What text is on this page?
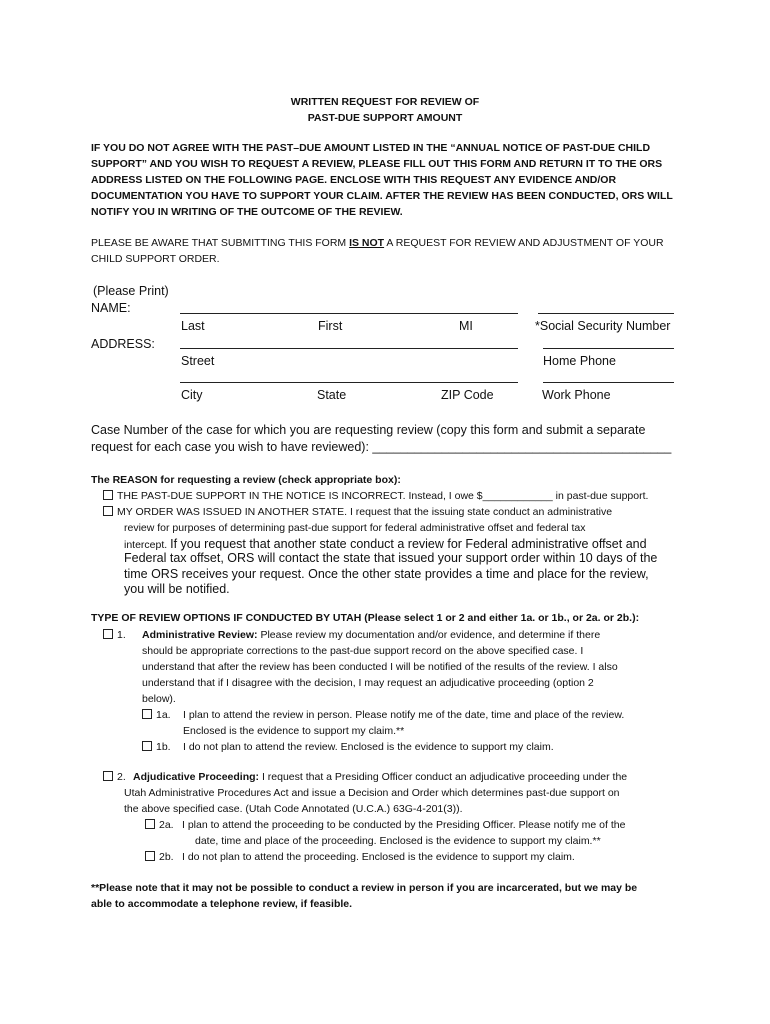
WRITTEN REQUEST FOR REVIEW OF
PAST-DUE SUPPORT AMOUNT
IF YOU DO NOT AGREE WITH THE PAST–DUE AMOUNT LISTED IN THE “ANNUAL NOTICE OF PAST-DUE CHILD
SUPPORT” AND YOU WISH TO REQUEST A REVIEW, PLEASE FILL OUT THIS FORM AND RETURN IT TO THE ORS
ADDRESS LISTED ON THE FOLLOWING PAGE. ENCLOSE WITH THIS REQUEST ANY EVIDENCE AND/OR
DOCUMENTATION YOU HAVE TO SUPPORT YOUR CLAIM. AFTER THE REVIEW HAS BEEN CONDUCTED, ORS WILL
NOTIFY YOU IN WRITING OF THE OUTCOME OF THE REVIEW.
PLEASE BE AWARE THAT SUBMITTING THIS FORM IS NOT A REQUEST FOR REVIEW AND ADJUSTMENT OF YOUR
CHILD SUPPORT ORDER.
(Please Print)
NAME:
Last	First	MI	*Social Security Number
ADDRESS:
Street	Home Phone
City	State	ZIP Code	Work Phone
Case Number of the case for which you are requesting review (copy this form and submit a separate
request for each case you wish to have reviewed): ___________________________________________
The REASON for requesting a review (check appropriate box):
THE PAST-DUE SUPPORT IN THE NOTICE IS INCORRECT. Instead, I owe $____________ in past-due support.
MY ORDER WAS ISSUED IN ANOTHER STATE. I request that the issuing state conduct an administrative
review for purposes of determining past-due support for federal administrative offset and federal tax
intercept. If you request that another state conduct a review for Federal administrative offset and
Federal tax offset, ORS will contact the state that issued your support order within 10 days of the
time ORS receives your request. Once the other state provides a time and place for the review,
you will be notified.
TYPE OF REVIEW OPTIONS IF CONDUCTED BY UTAH (Please select 1 or 2 and either 1a. or 1b., or 2a. or 2b.):
1. Administrative Review: Please review my documentation and/or evidence, and determine if there
should be appropriate corrections to the past-due support record on the above specified case. I
understand that after the review has been conducted I will be notified of the results of the review. I also
understand that if I disagree with the decision, I may request an adjudicative proceeding (option 2
below).
1a. I plan to attend the review in person. Please notify me of the date, time and place of the review.
Enclosed is the evidence to support my claim.**
1b. I do not plan to attend the review. Enclosed is the evidence to support my claim.
2. Adjudicative Proceeding: I request that a Presiding Officer conduct an adjudicative proceeding under the
Utah Administrative Procedures Act and issue a Decision and Order which determines past-due support on
the above specified case. (Utah Code Annotated (U.C.A.) 63G-4-201(3)).
2a. I plan to attend the proceeding to be conducted by the Presiding Officer. Please notify me of the
date, time and place of the proceeding. Enclosed is the evidence to support my claim.**
2b. I do not plan to attend the proceeding. Enclosed is the evidence to support my claim.
**Please note that it may not be possible to conduct a review in person if you are incarcerated, but we may be
able to accommodate a telephone review, if feasible.
